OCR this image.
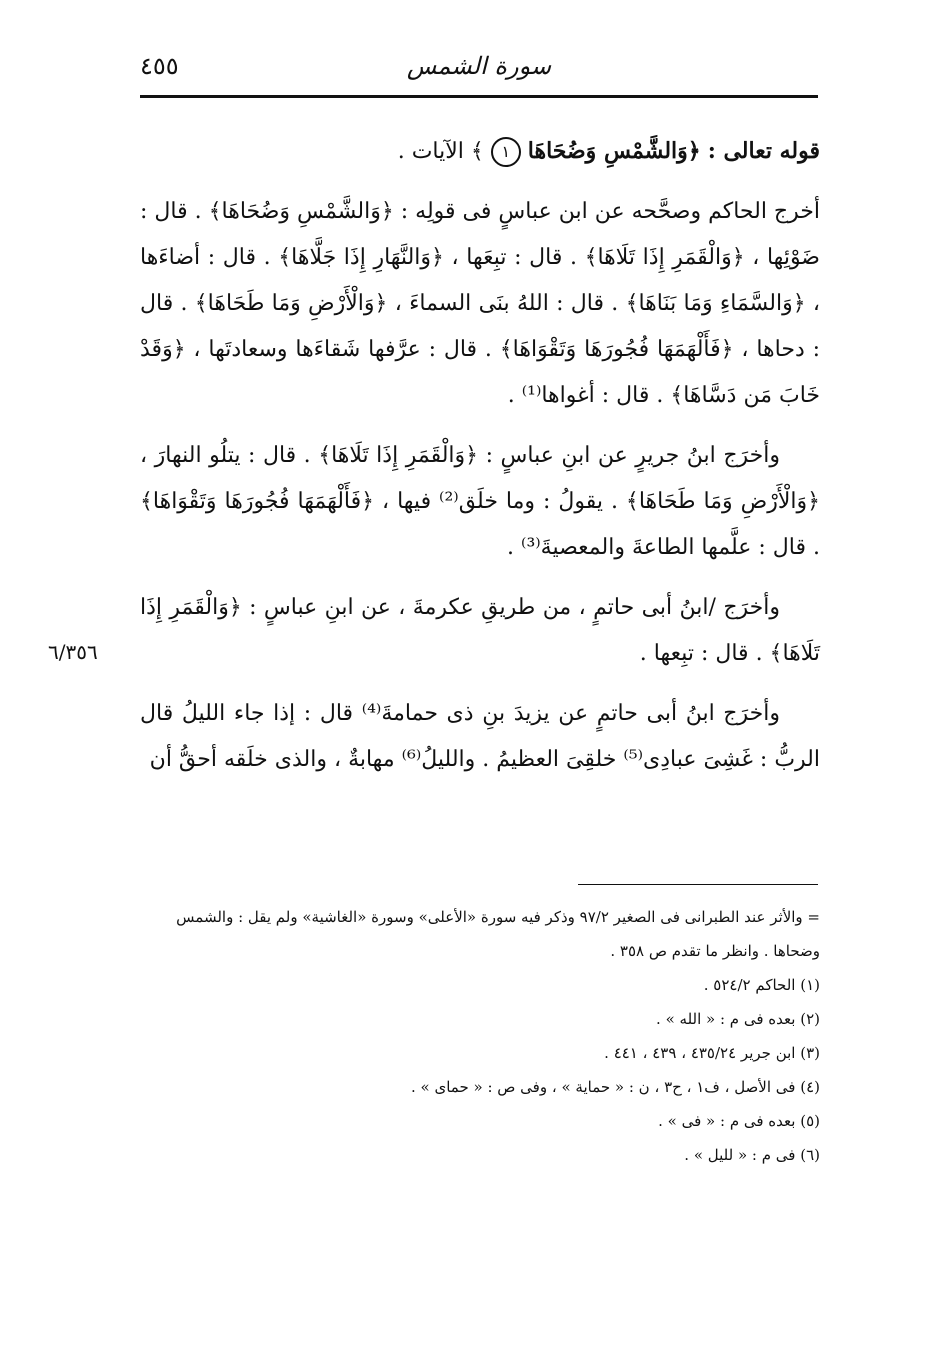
٤٥٥	سورة الشمس
٦/٣٥٦

قوله تعالى : ﴿وَالشَّمْسِ وَضُحَاهَا ١ ﴾ الآيات .

أخرج الحاكم وصحَّحه عن ابن عباسٍ فى قولِه : ﴿وَالشَّمْسِ وَضُحَاهَا﴾ . قال : ضَوْئِها ، ﴿وَالْقَمَرِ إِذَا تَلَاهَا﴾ . قال : تبِعَها ، ﴿وَالنَّهَارِ إِذَا جَلَّاهَا﴾ . قال : أضاءَها ، ﴿وَالسَّمَاءِ وَمَا بَنَاهَا﴾ . قال : اللهُ بنَى السماءَ ، ﴿وَالْأَرْضِ وَمَا طَحَاهَا﴾ . قال : دحاها ، ﴿فَأَلْهَمَهَا فُجُورَهَا وَتَقْوَاهَا﴾ . قال : عرَّفها شَقاءَها وسعادتَها ، ﴿وَقَدْ خَابَ مَن دَسَّاهَا﴾ . قال : أغواها⁽¹⁾ .

وأخرَج ابنُ جريرٍ عن ابنِ عباسٍ : ﴿وَالْقَمَرِ إِذَا تَلَاهَا﴾ . قال : يتلُو النهارَ ، ﴿وَالْأَرْضِ وَمَا طَحَاهَا﴾ . يقولُ : وما خلَق⁽²⁾ فيها ، ﴿فَأَلْهَمَهَا فُجُورَهَا وَتَقْوَاهَا﴾ . قال : علَّمها الطاعةَ والمعصيةَ⁽³⁾ .

وأخرَج /ابنُ أبى حاتمٍ ، من طريقِ عكرمةَ ، عن ابنِ عباسٍ : ﴿وَالْقَمَرِ إِذَا تَلَاهَا﴾ . قال : تبِعها .

وأخرَج ابنُ أبى حاتمٍ عن يزيدَ بنِ ذى حمامةَ⁽⁴⁾ قال : إذا جاء الليلُ قال الربُّ : غَشِىَ عبادِى⁽⁵⁾ خلقِىَ العظيمُ . والليلُ⁽⁶⁾ مهابةٌ ، والذى خلَقه أحقُّ أن

= والأثر عند الطبرانى فى الصغير ٩٧/٢ وذكر فيه سورة «الأعلى» وسورة «الغاشية» ولم يقل : والشمس وضحاها . وانظر ما تقدم ص ٣٥٨ .

(١) الحاكم ٥٢٤/٢ .

(٢) بعده فى م : « الله » .

(٣) ابن جرير ٤٣٥/٢٤ ، ٤٣٩ ، ٤٤١ .

(٤) فى الأصل ، ف١ ، ح٣ ، ن : « حماية » ، وفى ص : « حماى » .

(٥) بعده فى م : « فى » .

(٦) فى م : « لليل » .
